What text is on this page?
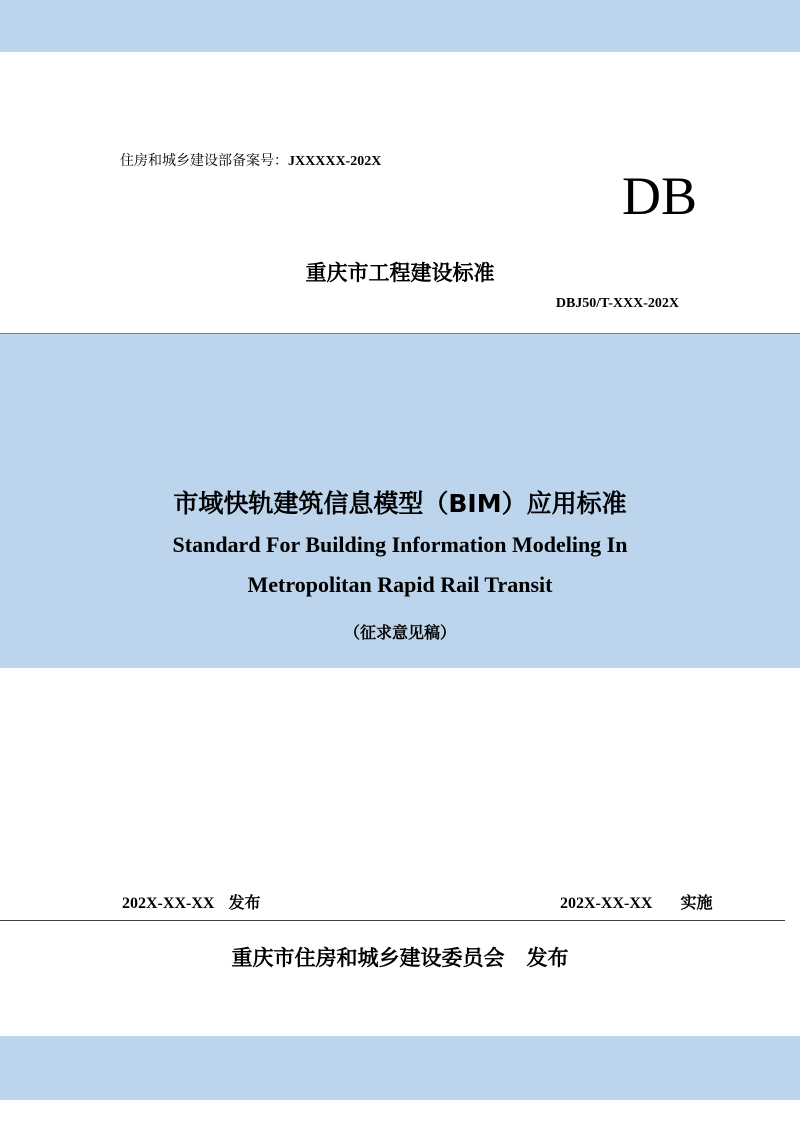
住房和城乡建设部备案号：JXXXXX-202X
DB
重庆市工程建设标准
DBJ50/T-XXX-202X
市域快轨建筑信息模型（BIM）应用标准
Standard For Building Information Modeling In
Metropolitan Rapid Rail Transit
（征求意见稿）
202X-XX-XX 发布	202X-XX-XX 实施
重庆市住房和城乡建设委员会 发布
